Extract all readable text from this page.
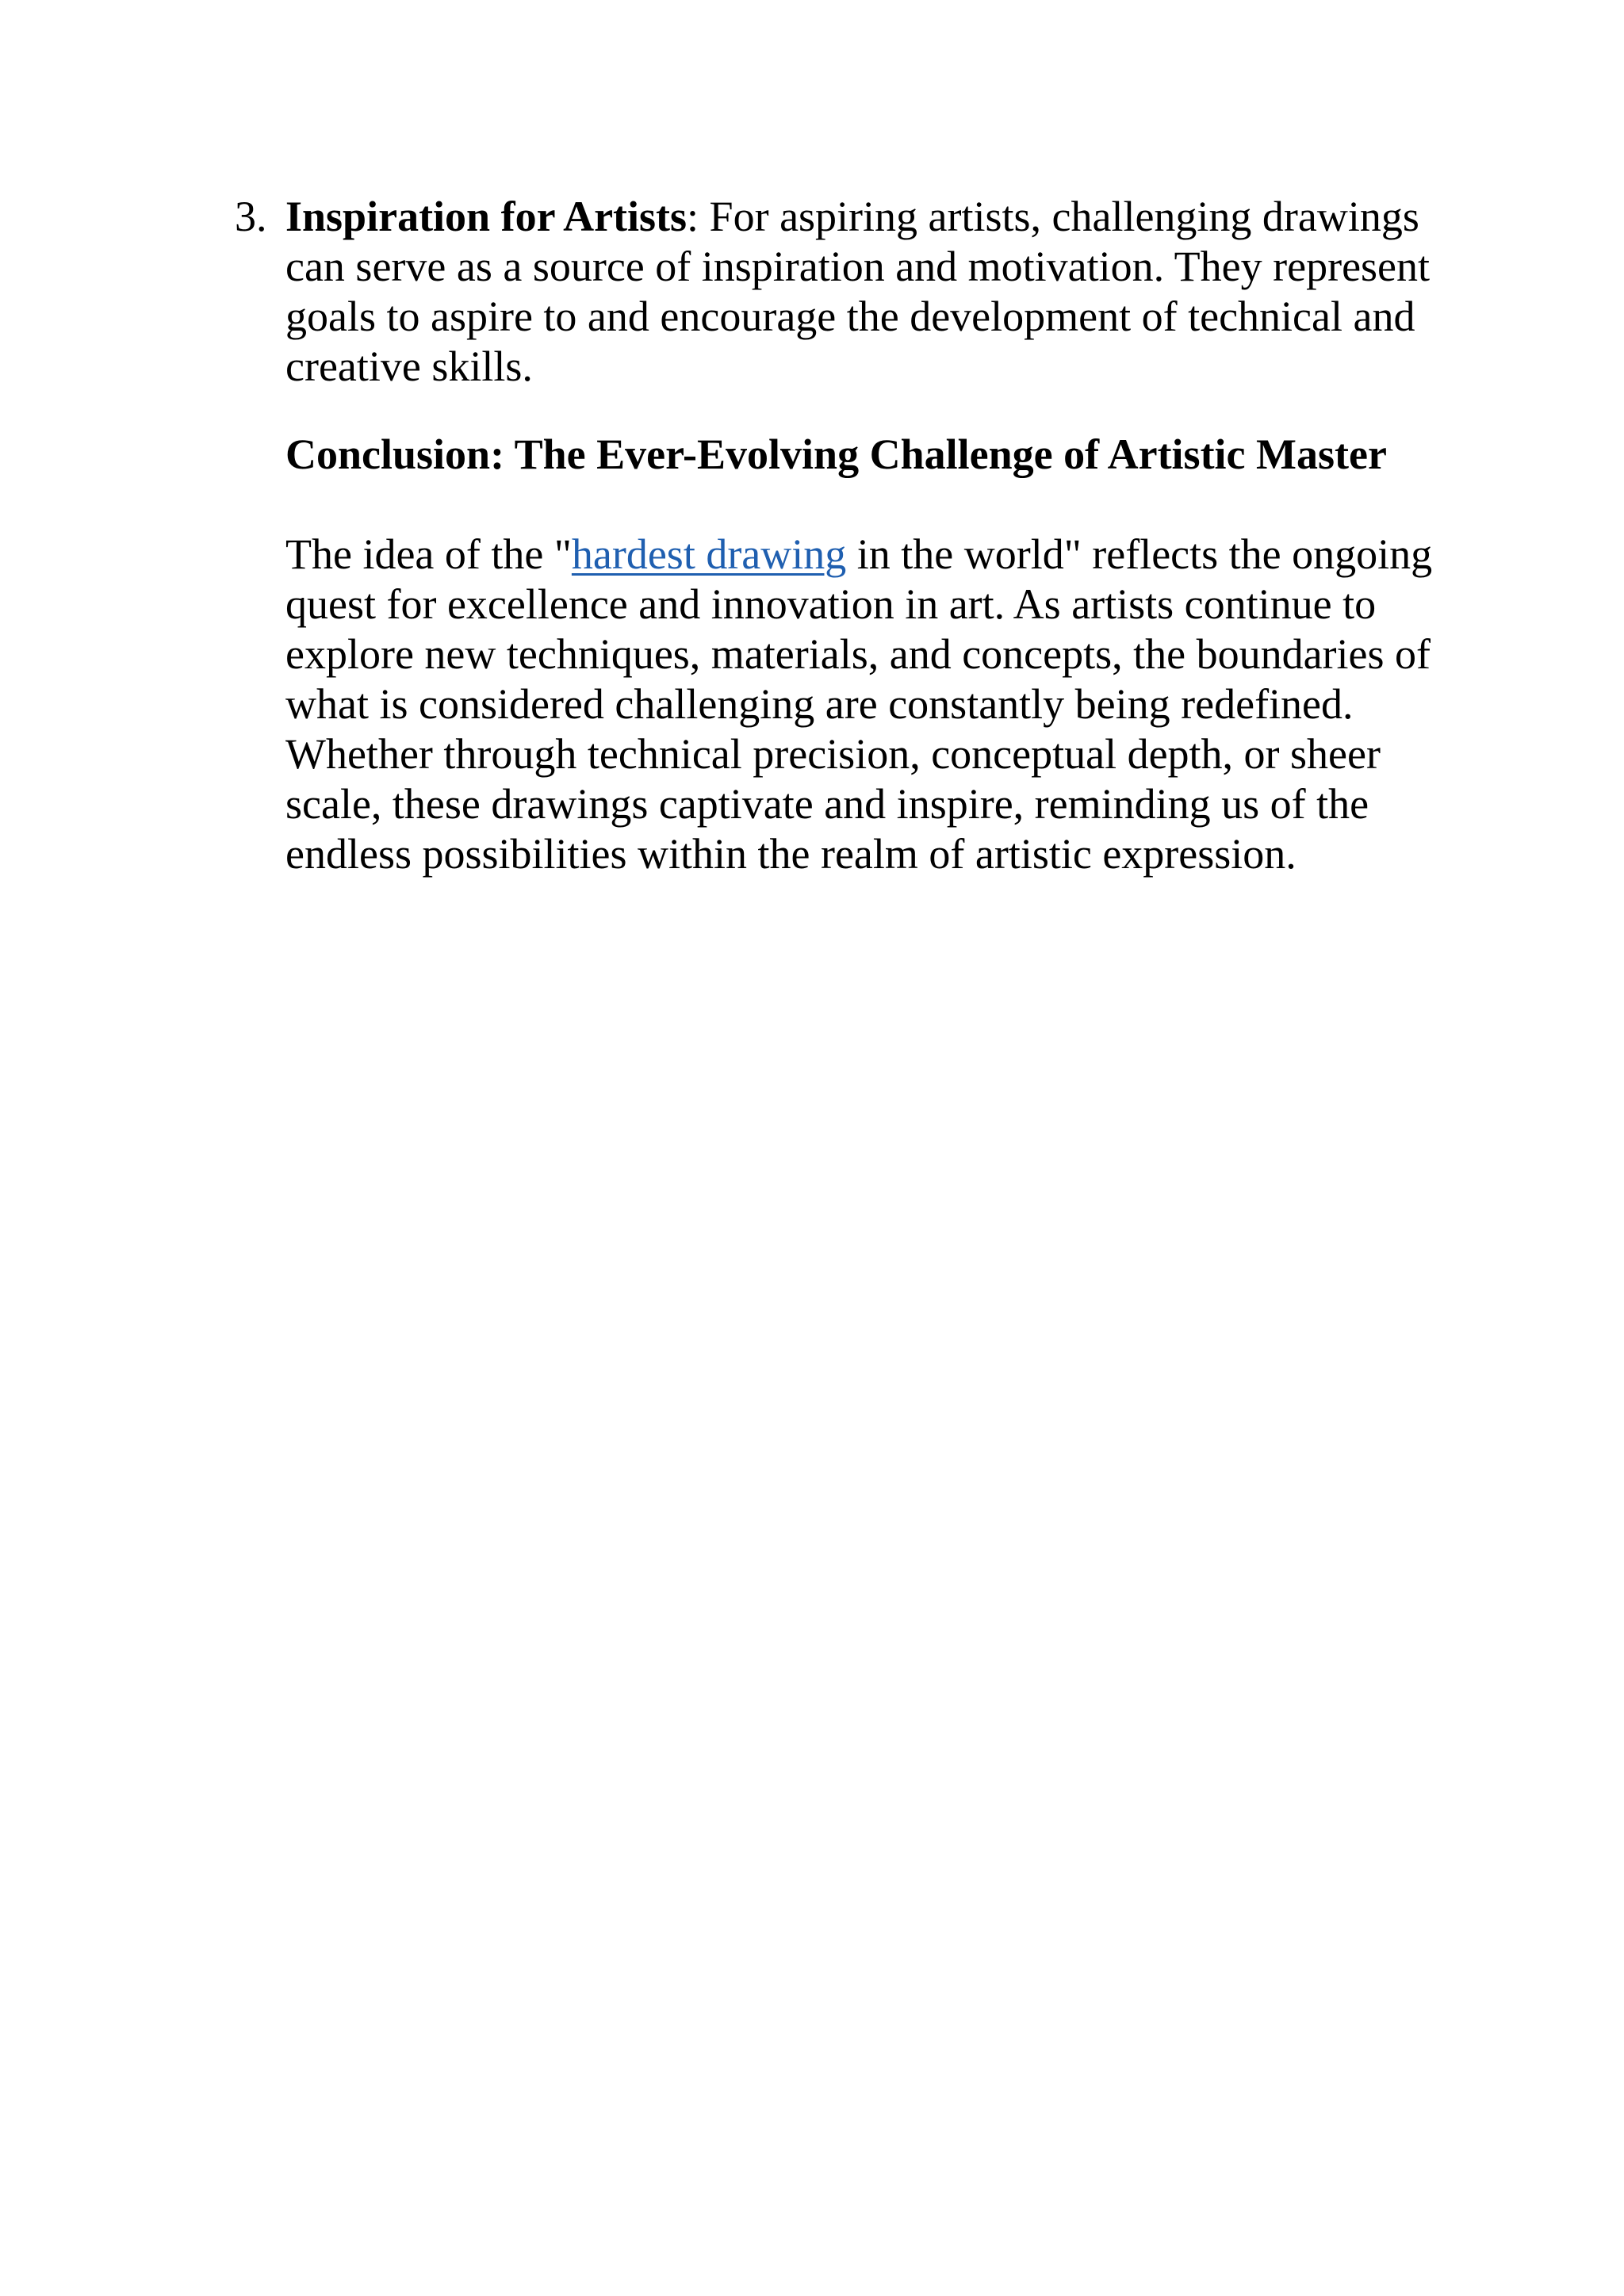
3. Inspiration for Artists: For aspiring artists, challenging drawings can serve as a source of inspiration and motivation. They represent goals to aspire to and encourage the development of technical and creative skills.

Conclusion: The Ever-Evolving Challenge of Artistic Master

The idea of the "hardest drawing in the world" reflects the ongoing quest for excellence and innovation in art. As artists continue to explore new techniques, materials, and concepts, the boundaries of what is considered challenging are constantly being redefined. Whether through technical precision, conceptual depth, or sheer scale, these drawings captivate and inspire, reminding us of the endless possibilities within the realm of artistic expression.
